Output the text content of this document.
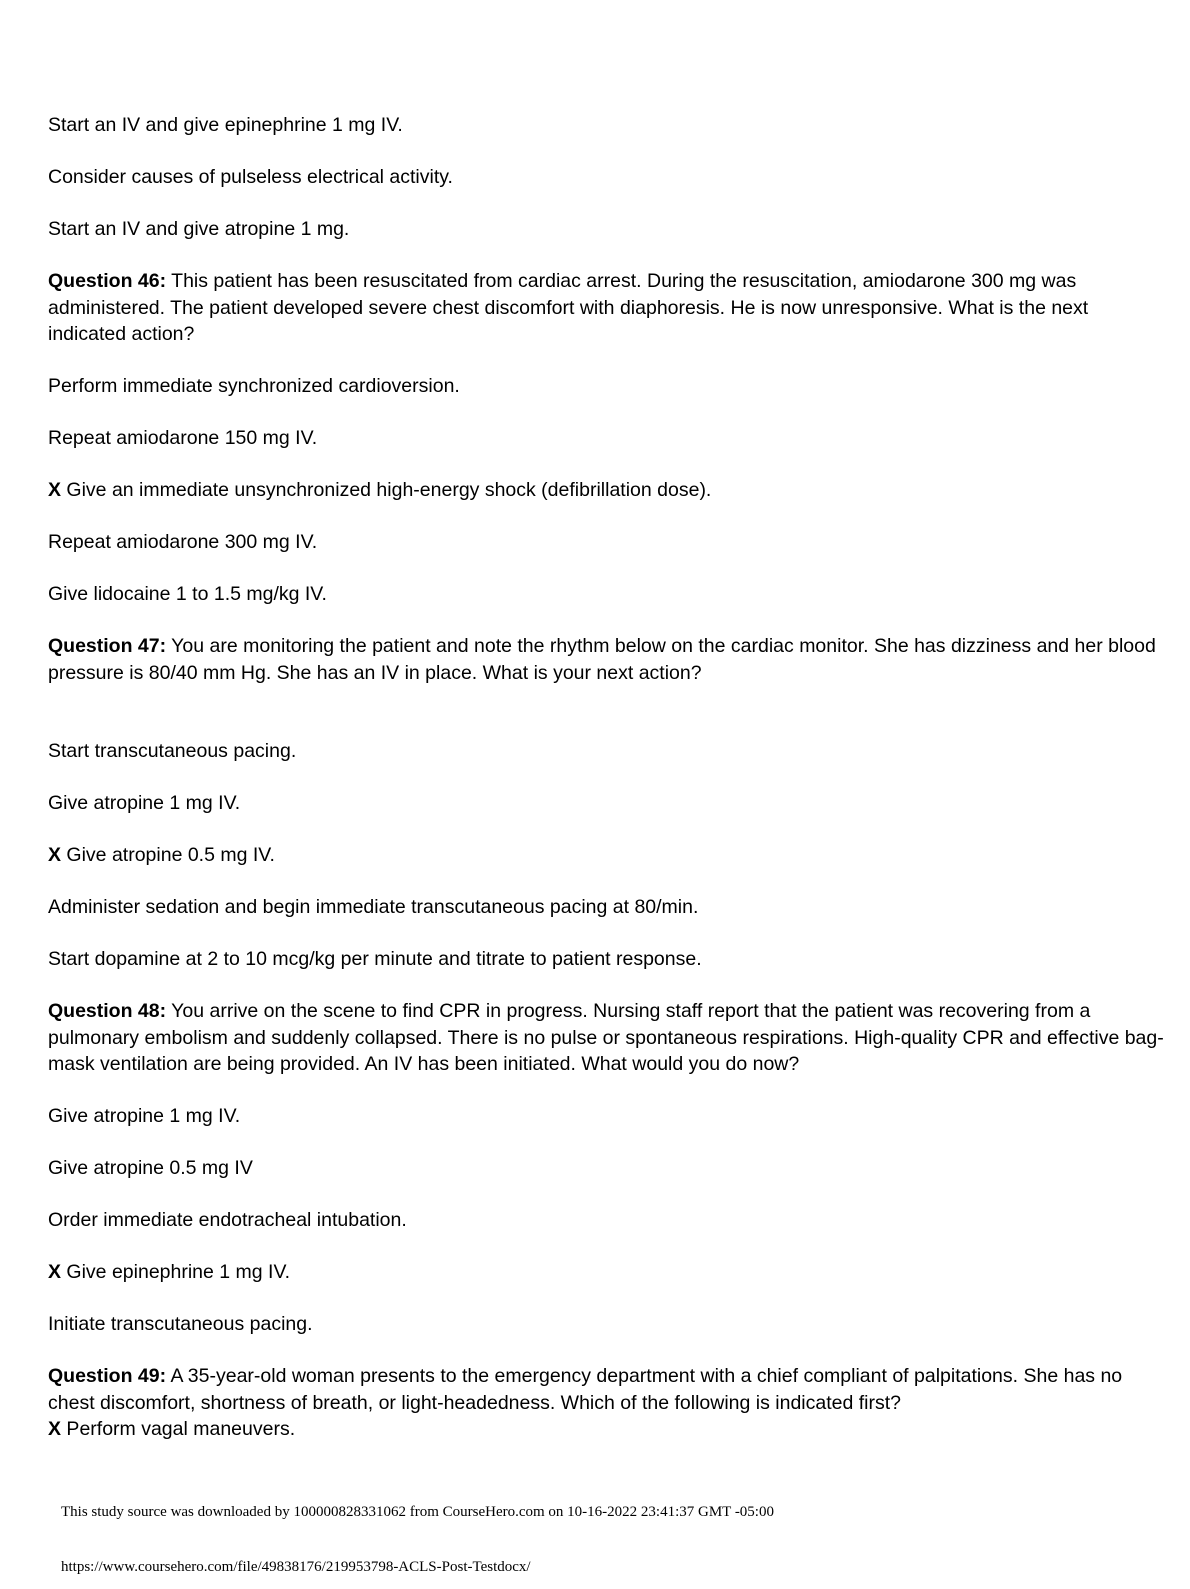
Start an IV and give epinephrine 1 mg IV.

Consider causes of pulseless electrical activity.

Start an IV and give atropine 1 mg.

Question 46: This patient has been resuscitated from cardiac arrest. During the resuscitation, amiodarone 300 mg was administered. The patient developed severe chest discomfort with diaphoresis. He is now unresponsive. What is the next indicated action?

Perform immediate synchronized cardioversion.

Repeat amiodarone 150 mg IV.

X Give an immediate unsynchronized high-energy shock (defibrillation dose).

Repeat amiodarone 300 mg IV.

Give lidocaine 1 to 1.5 mg/kg IV.

Question 47: You are monitoring the patient and note the rhythm below on the cardiac monitor. She has dizziness and her blood pressure is 80/40 mm Hg. She has an IV in place. What is your next action?

Start transcutaneous pacing.

Give atropine 1 mg IV.

X Give atropine 0.5 mg IV.

Administer sedation and begin immediate transcutaneous pacing at 80/min.

Start dopamine at 2 to 10 mcg/kg per minute and titrate to patient response.

Question 48: You arrive on the scene to find CPR in progress. Nursing staff report that the patient was recovering from a pulmonary embolism and suddenly collapsed. There is no pulse or spontaneous respirations. High-quality CPR and effective bag-mask ventilation are being provided. An IV has been initiated. What would you do now?

Give atropine 1 mg IV.

Give atropine 0.5 mg IV

Order immediate endotracheal intubation.

X Give epinephrine 1 mg IV.

Initiate transcutaneous pacing.

Question 49: A 35-year-old woman presents to the emergency department with a chief compliant of palpitations. She has no chest discomfort, shortness of breath, or light-headedness. Which of the following is indicated first?

X Perform vagal maneuvers.

This study source was downloaded by 100000828331062 from CourseHero.com on 10-16-2022 23:41:37 GMT -05:00
https://www.coursehero.com/file/49838176/219953798-ACLS-Post-Testdocx/
